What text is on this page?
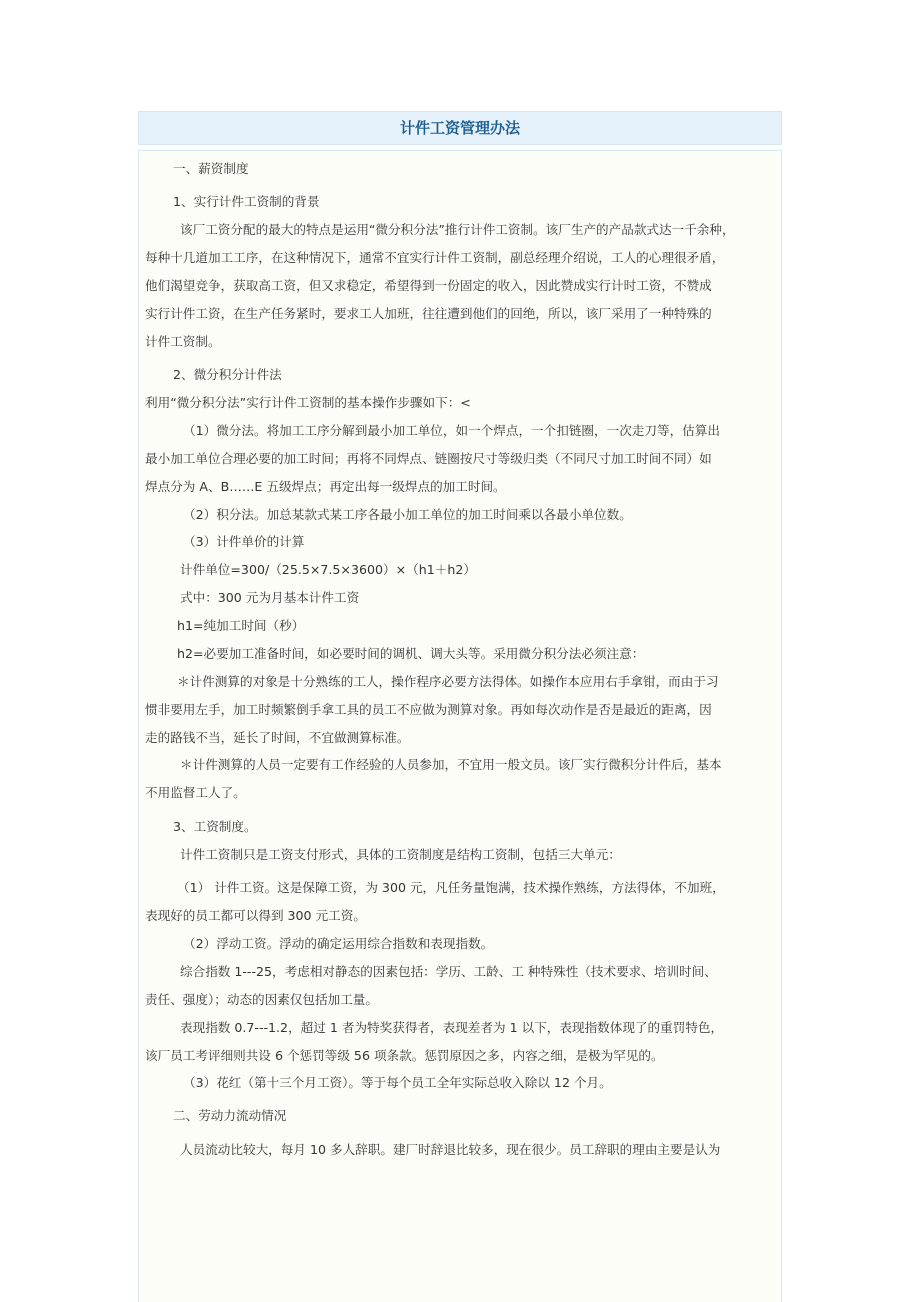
计件工资管理办法
一、薪资制度
1、实行计件工资制的背景
该厂工资分配的最大的特点是运用“微分积分法”推行计件工资制。该厂生产的产品款式达一千余种，
每种十几道加工工序，在这种情况下，通常不宜实行计件工资制，副总经理介绍说，工人的心理很矛盾，
他们渴望竞争，获取高工资，但又求稳定，希望得到一份固定的收入，因此赞成实行计时工资，不赞成
实行计件工资，在生产任务紧时，要求工人加班，往往遭到他们的回绝，所以，该厂采用了一种特殊的
计件工资制。
2、微分积分计件法
利用“微分积分法”实行计件工资制的基本操作步骤如下：<
（1）微分法。将加工工序分解到最小加工单位，如一个焊点，一个扣链圈，一次走刀等，估算出
最小加工单位合理必要的加工时间；再将不同焊点、链圈按尺寸等级归类（不同尺寸加工时间不同）如
焊点分为 A、B……E 五级焊点；再定出每一级焊点的加工时间。
（2）积分法。加总某款式某工序各最小加工单位的加工时间乘以各最小单位数。
（3）计件单价的计算
计件单位=300/（25.5×7.5×3600）×（h1＋h2）
式中：300 元为月基本计件工资
h1=纯加工时间（秒）
h2=必要加工准备时间，如必要时间的调机、调大头等。采用微分积分法必须注意：
＊计件测算的对象是十分熟练的工人，操作程序必要方法得体。如操作本应用右手拿钳，而由于习
惯非要用左手，加工时频繁倒手拿工具的员工不应做为测算对象。再如每次动作是否是最近的距离，因
走的路钱不当，延长了时间，不宜做测算标准。
＊计件测算的人员一定要有工作经验的人员参加，不宜用一般文员。该厂实行微积分计件后，基本
不用监督工人了。
3、工资制度。
计件工资制只是工资支付形式，具体的工资制度是结构工资制，包括三大单元：
（1） 计件工资。这是保障工资，为 300 元，凡任务量饱满，技术操作熟练，方法得体，不加班，
表现好的员工都可以得到 300 元工资。
（2）浮动工资。浮动的确定运用综合指数和表现指数。
综合指数 1---25，考虑相对静态的因素包括：学历、工龄、工 种特殊性（技术要求、培训时间、
责任、强度）；动态的因素仅包括加工量。
表现指数 0.7---1.2，超过 1 者为特奖获得者，表现差者为 1 以下，表现指数体现了的重罚特色，
该厂员工考评细则共设 6 个惩罚等级 56 项条款。惩罚原因之多，内容之细，是极为罕见的。
（3）花红（第十三个月工资）。等于每个员工全年实际总收入除以 12 个月。
二、劳动力流动情况
人员流动比较大，每月 10 多人辞职。建厂时辞退比较多，现在很少。员工辞职的理由主要是认为
